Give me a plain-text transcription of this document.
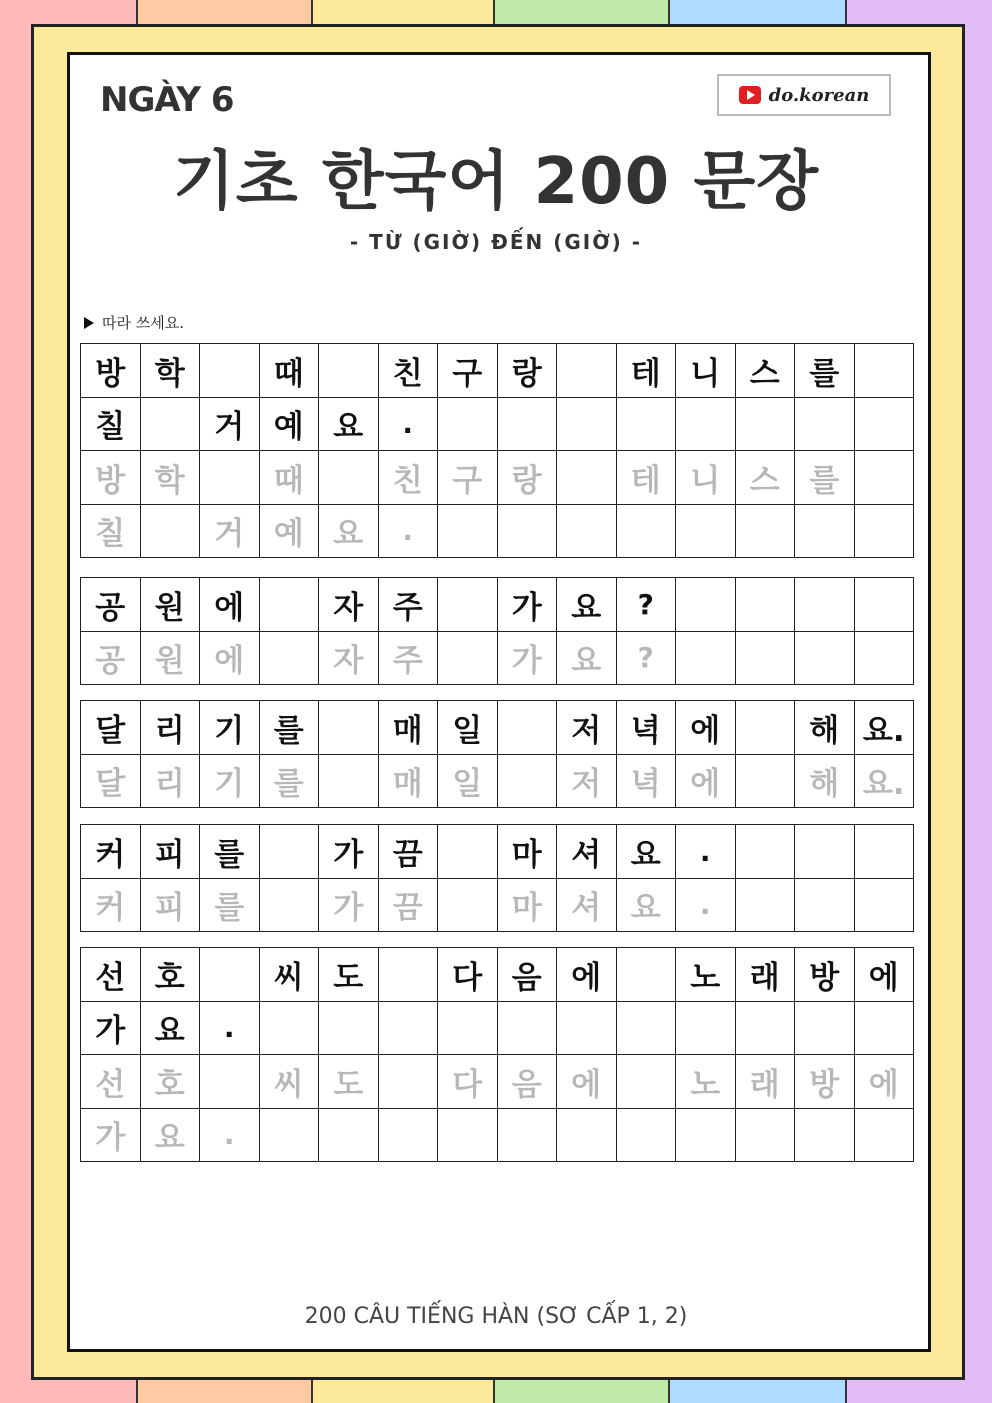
NGÀY 6	do.korean
기초 한국어 200 문장
- TỪ (GIỜ) ĐẾN (GIỜ) -
따라 쓰세요.
방	학		때		친	구	랑		테	니	스	를	
칠		거	예	요	.								
방	학		때		친	구	랑		테	니	스	를	
칠		거	예	요	.								
공	원	에		자	주		가	요	?				
공	원	에		자	주		가	요	?				
달	리	기	를		매	일		저	녁	에		해	요.
달	리	기	를		매	일		저	녁	에		해	요.
커	피	를		가	끔		마	셔	요	.			
커	피	를		가	끔		마	셔	요	.			
선	호		씨	도		다	음	에		노	래	방	에
가	요	.											
선	호		씨	도		다	음	에		노	래	방	에
가	요	.											
200 CÂU TIẾNG HÀN (SƠ CẤP 1, 2)
